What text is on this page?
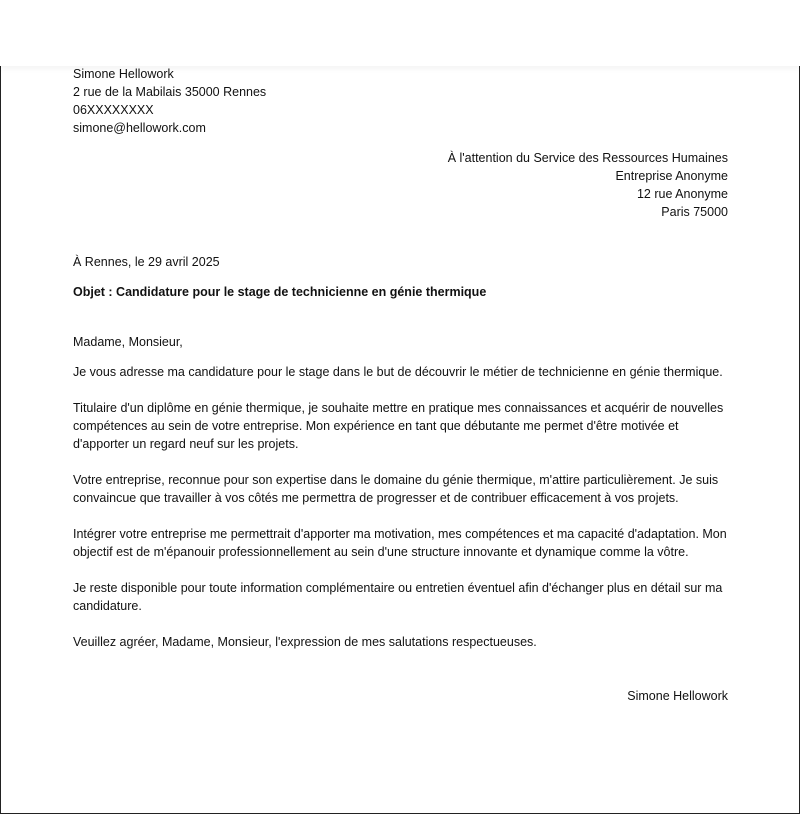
Simone Hellowork
2 rue de la Mabilais 35000 Rennes
06XXXXXXXX
simone@hellowork.com
À l'attention du Service des Ressources Humaines
Entreprise Anonyme
12 rue Anonyme
Paris 75000
À Rennes, le 29 avril 2025
Objet : Candidature pour le stage de technicienne en génie thermique
Madame, Monsieur,

Je vous adresse ma candidature pour le stage dans le but de découvrir le métier de technicienne en génie thermique.

Titulaire d'un diplôme en génie thermique, je souhaite mettre en pratique mes connaissances et acquérir de nouvelles compétences au sein de votre entreprise. Mon expérience en tant que débutante me permet d'être motivée et d'apporter un regard neuf sur les projets.

Votre entreprise, reconnue pour son expertise dans le domaine du génie thermique, m'attire particulièrement. Je suis convaincue que travailler à vos côtés me permettra de progresser et de contribuer efficacement à vos projets.

Intégrer votre entreprise me permettrait d'apporter ma motivation, mes compétences et ma capacité d'adaptation. Mon objectif est de m'épanouir professionnellement au sein d'une structure innovante et dynamique comme la vôtre.

Je reste disponible pour toute information complémentaire ou entretien éventuel afin d'échanger plus en détail sur ma candidature.

Veuillez agréer, Madame, Monsieur, l'expression de mes salutations respectueuses.

Simone Hellowork
